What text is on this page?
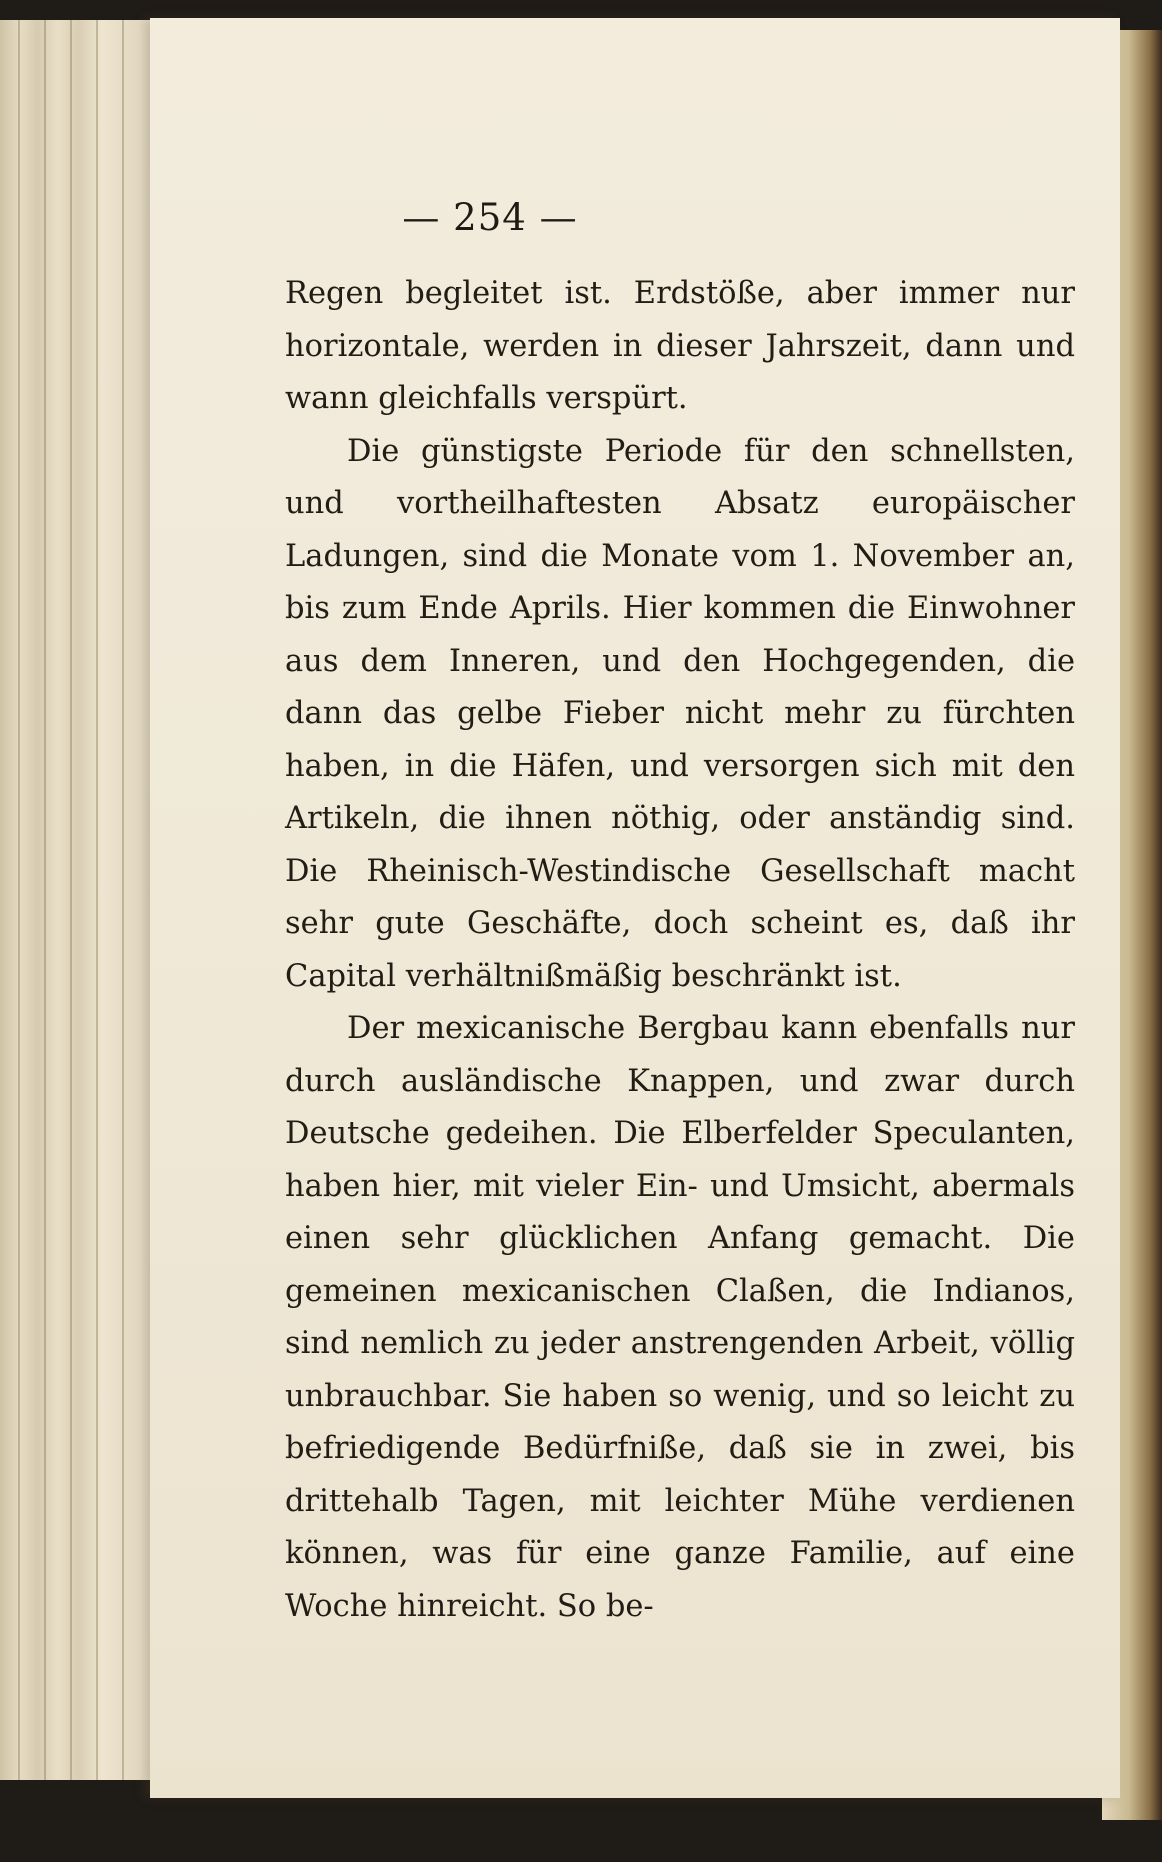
— 254 —

Regen begleitet ist. Erdstöße, aber immer nur horizontale, werden in dieser Jahrszeit, dann und wann gleichfalls verspürt.

Die günstigste Periode für den schnellsten, und vortheilhaftesten Absatz europäischer Ladungen, sind die Monate vom 1. November an, bis zum Ende Aprils. Hier kommen die Einwohner aus dem Inneren, und den Hochgegenden, die dann das gelbe Fieber nicht mehr zu fürchten haben, in die Häfen, und versorgen sich mit den Artikeln, die ihnen nöthig, oder anständig sind. Die Rheinisch-Westindische Gesellschaft macht sehr gute Geschäfte, doch scheint es, daß ihr Capital verhältnißmäßig beschränkt ist.

Der mexicanische Bergbau kann ebenfalls nur durch ausländische Knappen, und zwar durch Deutsche gedeihen. Die Elberfelder Speculanten, haben hier, mit vieler Ein- und Umsicht, abermals einen sehr glücklichen Anfang gemacht. Die gemeinen mexicanischen Claßen, die Indianos, sind nemlich zu jeder anstrengenden Arbeit, völlig unbrauchbar. Sie haben so wenig, und so leicht zu befriedigende Bedürfniße, daß sie in zwei, bis drittehalb Tagen, mit leichter Mühe verdienen können, was für eine ganze Familie, auf eine Woche hinreicht. So be-
